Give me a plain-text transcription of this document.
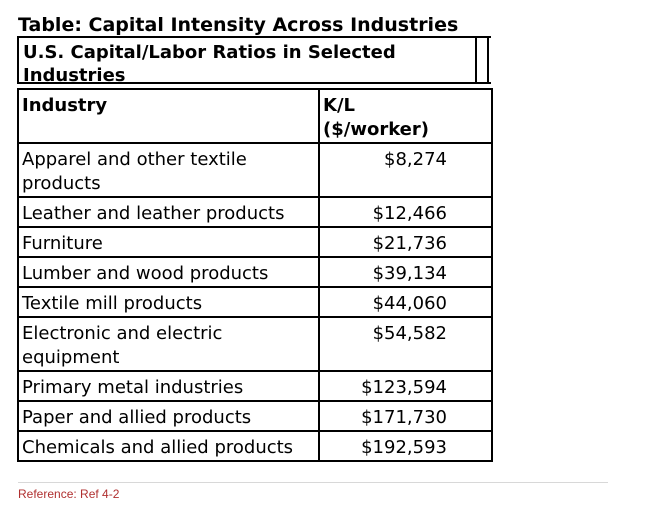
Table: Capital Intensity Across Industries
U.S. Capital/Labor Ratios in Selected Industries
Industry	K/L
($/worker)
Apparel and other textile products	$8,274
Leather and leather products	$12,466
Furniture	$21,736
Lumber and wood products	$39,134
Textile mill products	$44,060
Electronic and electric equipment	$54,582
Primary metal industries	$123,594
Paper and allied products	$171,730
Chemicals and allied products	$192,593
Reference: Ref 4-2
